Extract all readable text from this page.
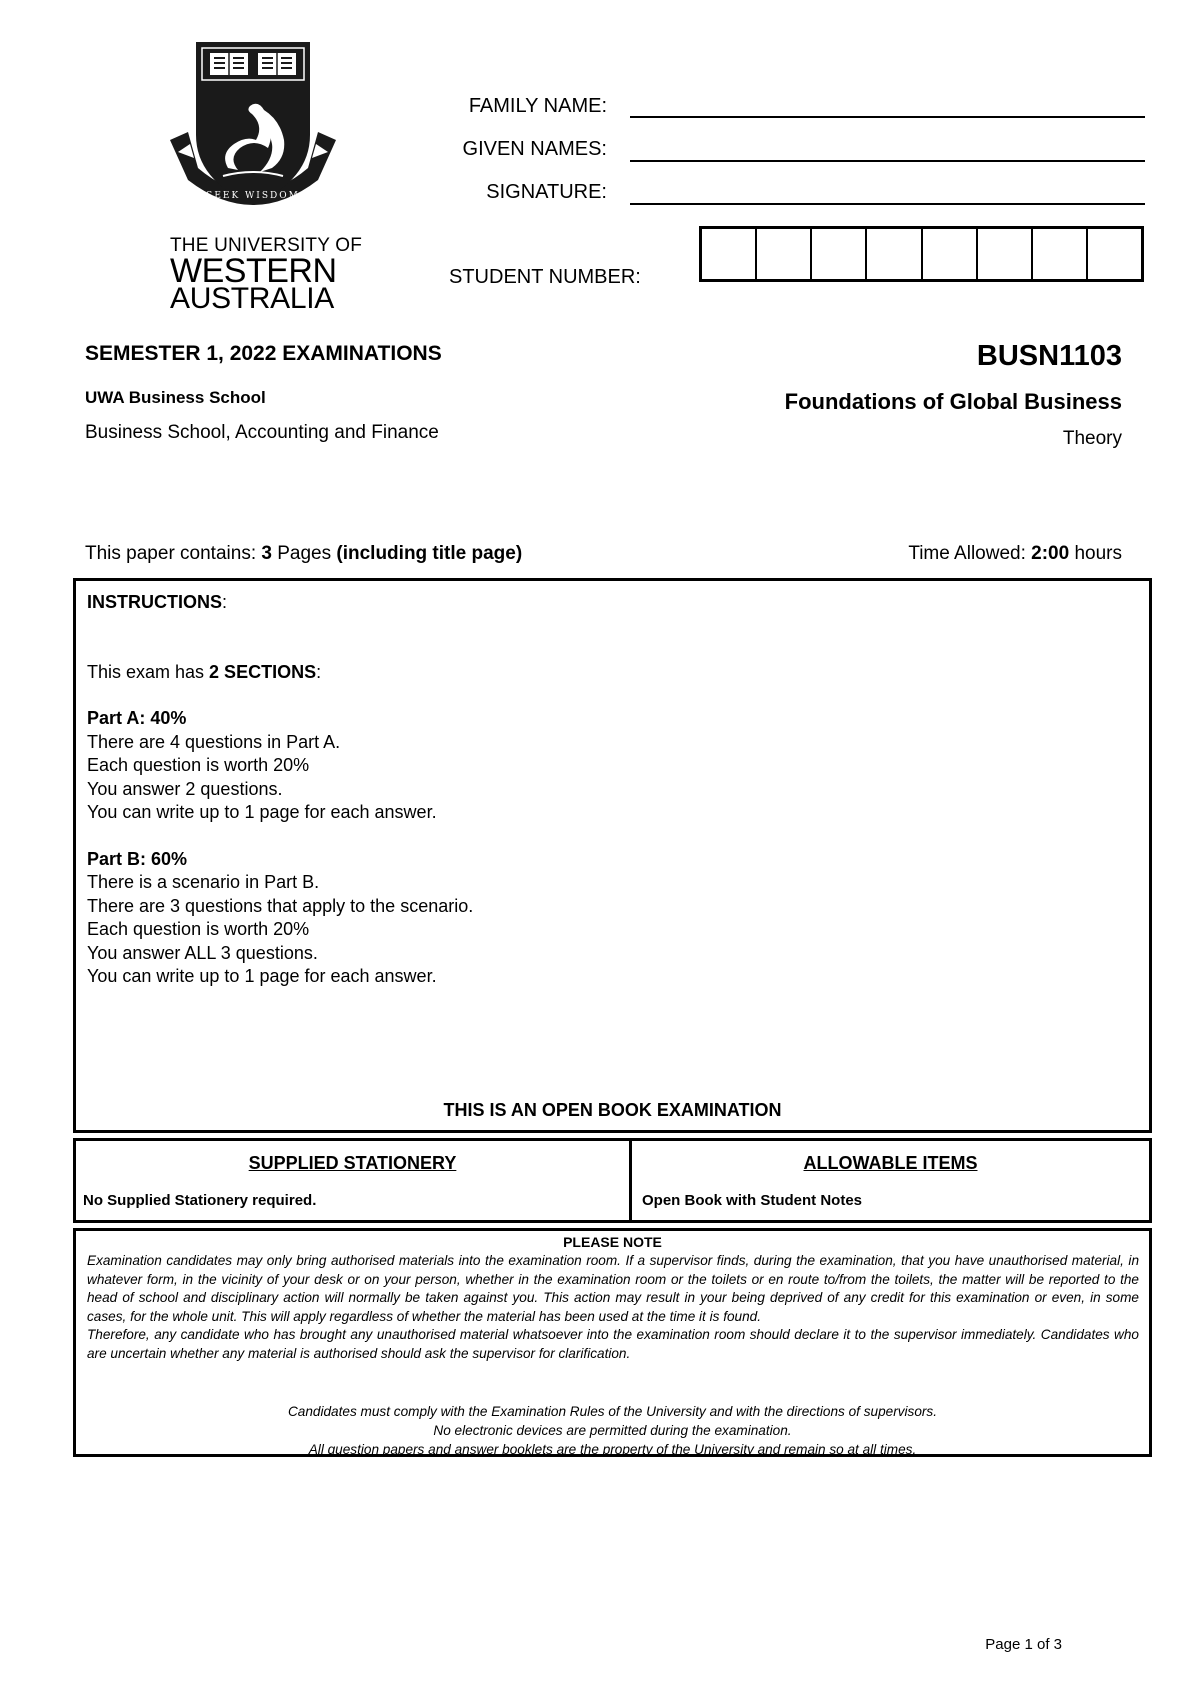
SEEK WISDOM
THE UNIVERSITY OF
WESTERN
AUSTRALIA
FAMILY NAME:
GIVEN NAMES:
SIGNATURE:
STUDENT NUMBER:
SEMESTER 1, 2022 EXAMINATIONS
UWA Business School
Business School, Accounting and Finance
BUSN1103
Foundations of Global Business
Theory
This paper contains: 3 Pages (including title page)	Time Allowed: 2:00 hours

INSTRUCTIONS:

This exam has 2 SECTIONS:

Part A: 40%

There are 4 questions in Part A.

Each question is worth 20%

You answer 2 questions.

You can write up to 1 page for each answer.

Part B: 60%

There is a scenario in Part B.

There are 3 questions that apply to the scenario.

Each question is worth 20%

You answer ALL 3 questions.

You can write up to 1 page for each answer.

THIS IS AN OPEN BOOK EXAMINATION
SUPPLIED STATIONERY
No Supplied Stationery required.
ALLOWABLE ITEMS
Open Book with Student Notes
PLEASE NOTE

Examination candidates may only bring authorised materials into the examination room. If a supervisor finds, during the examination, that you have unauthorised material, in whatever form, in the vicinity of your desk or on your person, whether in the examination room or the toilets or en route to/from the toilets, the matter will be reported to the head of school and disciplinary action will normally be taken against you. This action may result in your being deprived of any credit for this examination or even, in some cases, for the whole unit. This will apply regardless of whether the material has been used at the time it is found.

Therefore, any candidate who has brought any unauthorised material whatsoever into the examination room should declare it to the supervisor immediately. Candidates who are uncertain whether any material is authorised should ask the supervisor for clarification.

Candidates must comply with the Examination Rules of the University and with the directions of supervisors.
No electronic devices are permitted during the examination.
All question papers and answer booklets are the property of the University and remain so at all times.
Page 1 of 3
